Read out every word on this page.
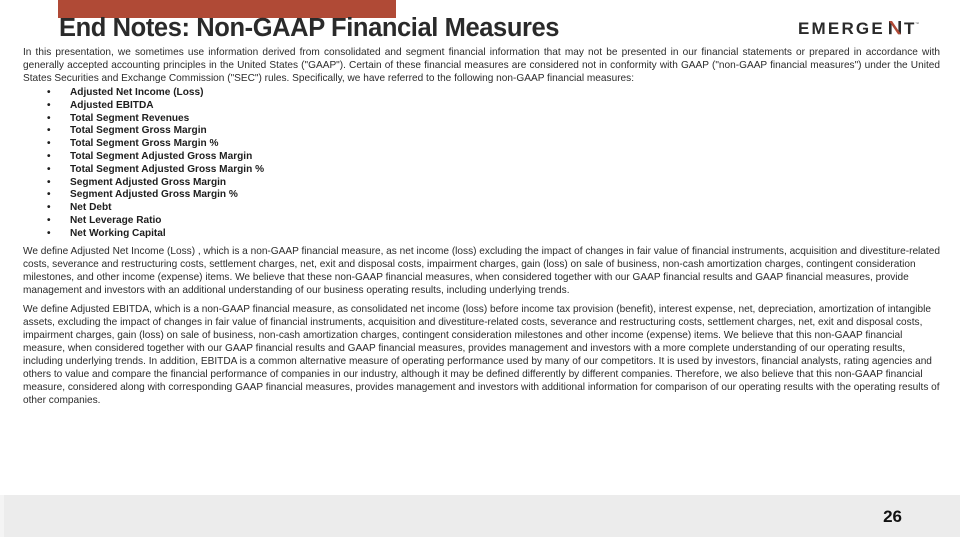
End Notes: Non-GAAP Financial Measures	EMERGE T ™

In this presentation, we sometimes use information derived from consolidated and segment financial information that may not be presented in our financial statements or prepared in accordance with generally accepted accounting principles in the United States ("GAAP"). Certain of these financial measures are considered not in conformity with GAAP ("non-GAAP financial measures") under the United States Securities and Exchange Commission ("SEC") rules. Specifically, we have referred to the following non-GAAP financial measures:

• Adjusted Net Income (Loss)
• Adjusted EBITDA
• Total Segment Revenues
• Total Segment Gross Margin
• Total Segment Gross Margin %
• Total Segment Adjusted Gross Margin
• Total Segment Adjusted Gross Margin %
• Segment Adjusted Gross Margin
• Segment Adjusted Gross Margin %
• Net Debt
• Net Leverage Ratio
• Net Working Capital

We define Adjusted Net Income (Loss) , which is a non-GAAP financial measure, as net income (loss) excluding the impact of changes in fair value of financial instruments, acquisition and divestiture-related costs, severance and restructuring costs, settlement charges, net, exit and disposal costs, impairment charges, gain (loss) on sale of business, non-cash amortization charges, contingent consideration milestones, and other income (expense) items. We believe that these non-GAAP financial measures, when considered together with our GAAP financial results and GAAP financial measures, provide management and investors with an additional understanding of our business operating results, including underlying trends.

We define Adjusted EBITDA, which is a non-GAAP financial measure, as consolidated net income (loss) before income tax provision (benefit), interest expense, net, depreciation, amortization of intangible assets, excluding the impact of changes in fair value of financial instruments, acquisition and divestiture-related costs, severance and restructuring costs, settlement charges, net, exit and disposal costs, impairment charges, gain (loss) on sale of business, non-cash amortization charges, contingent consideration milestones and other income (expense) items. We believe that this non-GAAP financial measure, when considered together with our GAAP financial results and GAAP financial measures, provides management and investors with a more complete understanding of our operating results, including underlying trends. In addition, EBITDA is a common alternative measure of operating performance used by many of our competitors. It is used by investors, financial analysts, rating agencies and others to value and compare the financial performance of companies in our industry, although it may be defined differently by different companies. Therefore, we also believe that this non-GAAP financial measure, considered along with corresponding GAAP financial measures, provides management and investors with additional information for comparison of our operating results with the operating results of other companies.

26
